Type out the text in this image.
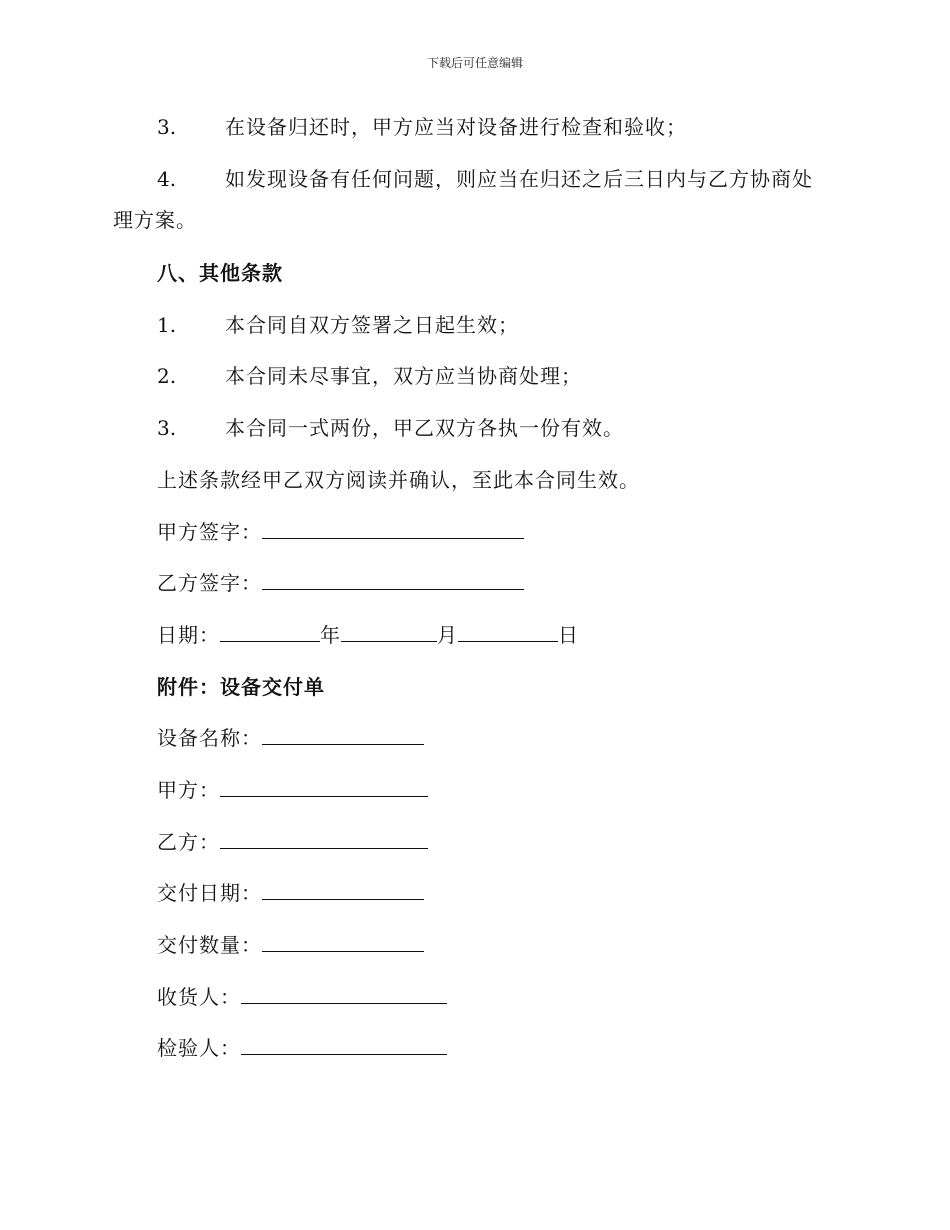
下载后可任意编辑
3. 在设备归还时，甲方应当对设备进行检查和验收；
4. 如发现设备有任何问题，则应当在归还之后三日内与乙方协商处
理方案。
八、其他条款
1. 本合同自双方签署之日起生效；
2. 本合同未尽事宜，双方应当协商处理；
3. 本合同一式两份，甲乙双方各执一份有效。
上述条款经甲乙双方阅读并确认，至此本合同生效。
甲方签字：
乙方签字：
日期：	年	月	日
附件：设备交付单
设备名称：
甲方：
乙方：
交付日期：
交付数量：
收货人：
检验人：
